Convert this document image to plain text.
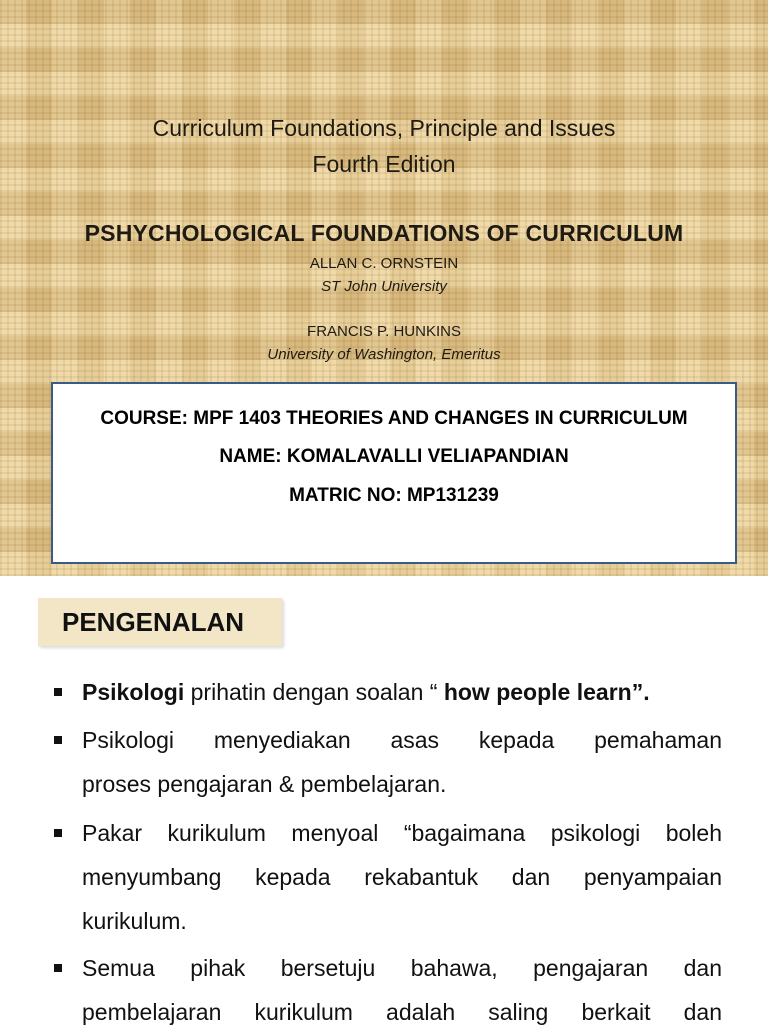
Curriculum Foundations, Principle and Issues
Fourth Edition
PSHYCHOLOGICAL FOUNDATIONS OF CURRICULUM
ALLAN C. ORNSTEIN
ST John University
FRANCIS P. HUNKINS
University of Washington, Emeritus
COURSE: MPF 1403 THEORIES AND CHANGES IN CURRICULUM
NAME: KOMALAVALLI VELIAPANDIAN
MATRIC NO: MP131239
PENGENALAN
Psikologi prihatin dengan soalan “ how people learn”.
Psikologi menyediakan asas kepada pemahaman
proses pengajaran & pembelajaran.
Pakar kurikulum menyoal “bagaimana psikologi boleh
menyumbang kepada rekabantuk dan penyampaian
kurikulum.
Semua pihak bersetuju bahawa, pengajaran dan
pembelajaran kurikulum adalah saling berkait dan
